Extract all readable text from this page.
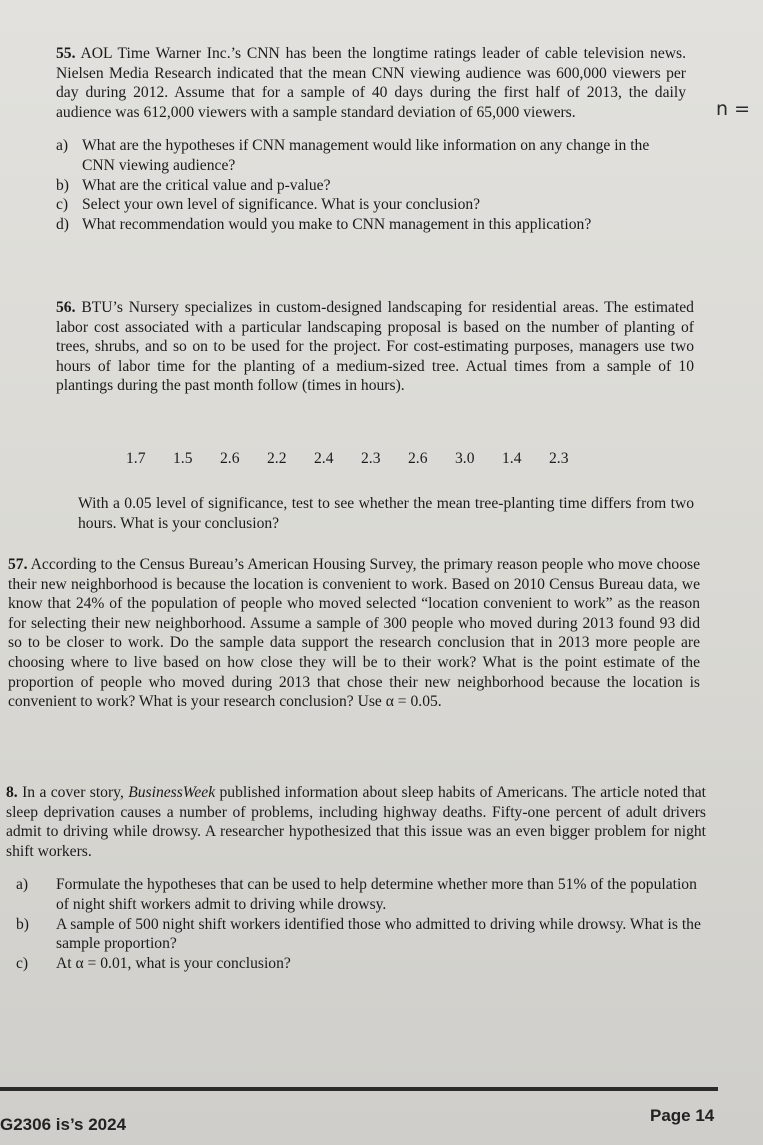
55. AOL Time Warner Inc.’s CNN has been the longtime ratings leader of cable television news. Nielsen Media Research indicated that the mean CNN viewing audience was 600,000 viewers per day during 2012. Assume that for a sample of 40 days during the first half of 2013, the daily audience was 612,000 viewers with a sample standard deviation of 65,000 viewers.

a) What are the hypotheses if CNN management would like information on any change in the CNN viewing audience?
b) What are the critical value and p-value?
c) Select your own level of significance. What is your conclusion?
d) What recommendation would you make to CNN management in this application?
n =

56. BTU’s Nursery specializes in custom-designed landscaping for residential areas. The estimated labor cost associated with a particular landscaping proposal is based on the number of planting of trees, shrubs, and so on to be used for the project. For cost-estimating purposes, managers use two hours of labor time for the planting of a medium-sized tree. Actual times from a sample of 10 plantings during the past month follow (times in hours).

1.7	1.5	2.6	2.2	2.4	2.3	2.6	3.0	1.4	2.3

With a 0.05 level of significance, test to see whether the mean tree-planting time differs from two hours. What is your conclusion?

57. According to the Census Bureau’s American Housing Survey, the primary reason people who move choose their new neighborhood is because the location is convenient to work. Based on 2010 Census Bureau data, we know that 24% of the population of people who moved selected “location convenient to work” as the reason for selecting their new neighborhood. Assume a sample of 300 people who moved during 2013 found 93 did so to be closer to work. Do the sample data support the research conclusion that in 2013 more people are choosing where to live based on how close they will be to their work? What is the point estimate of the proportion of people who moved during 2013 that chose their new neighborhood because the location is convenient to work? What is your research conclusion? Use α = 0.05.

8. In a cover story, BusinessWeek published information about sleep habits of Americans. The article noted that sleep deprivation causes a number of problems, including highway deaths. Fifty-one percent of adult drivers admit to driving while drowsy. A researcher hypothesized that this issue was an even bigger problem for night shift workers.

a)	Formulate the hypotheses that can be used to help determine whether more than 51% of the population of night shift workers admit to driving while drowsy.
b)	A sample of 500 night shift workers identified those who admitted to driving while drowsy. What is the sample proportion?
c)	At α = 0.01, what is your conclusion?
G2306 is’s 2024	Page 14
